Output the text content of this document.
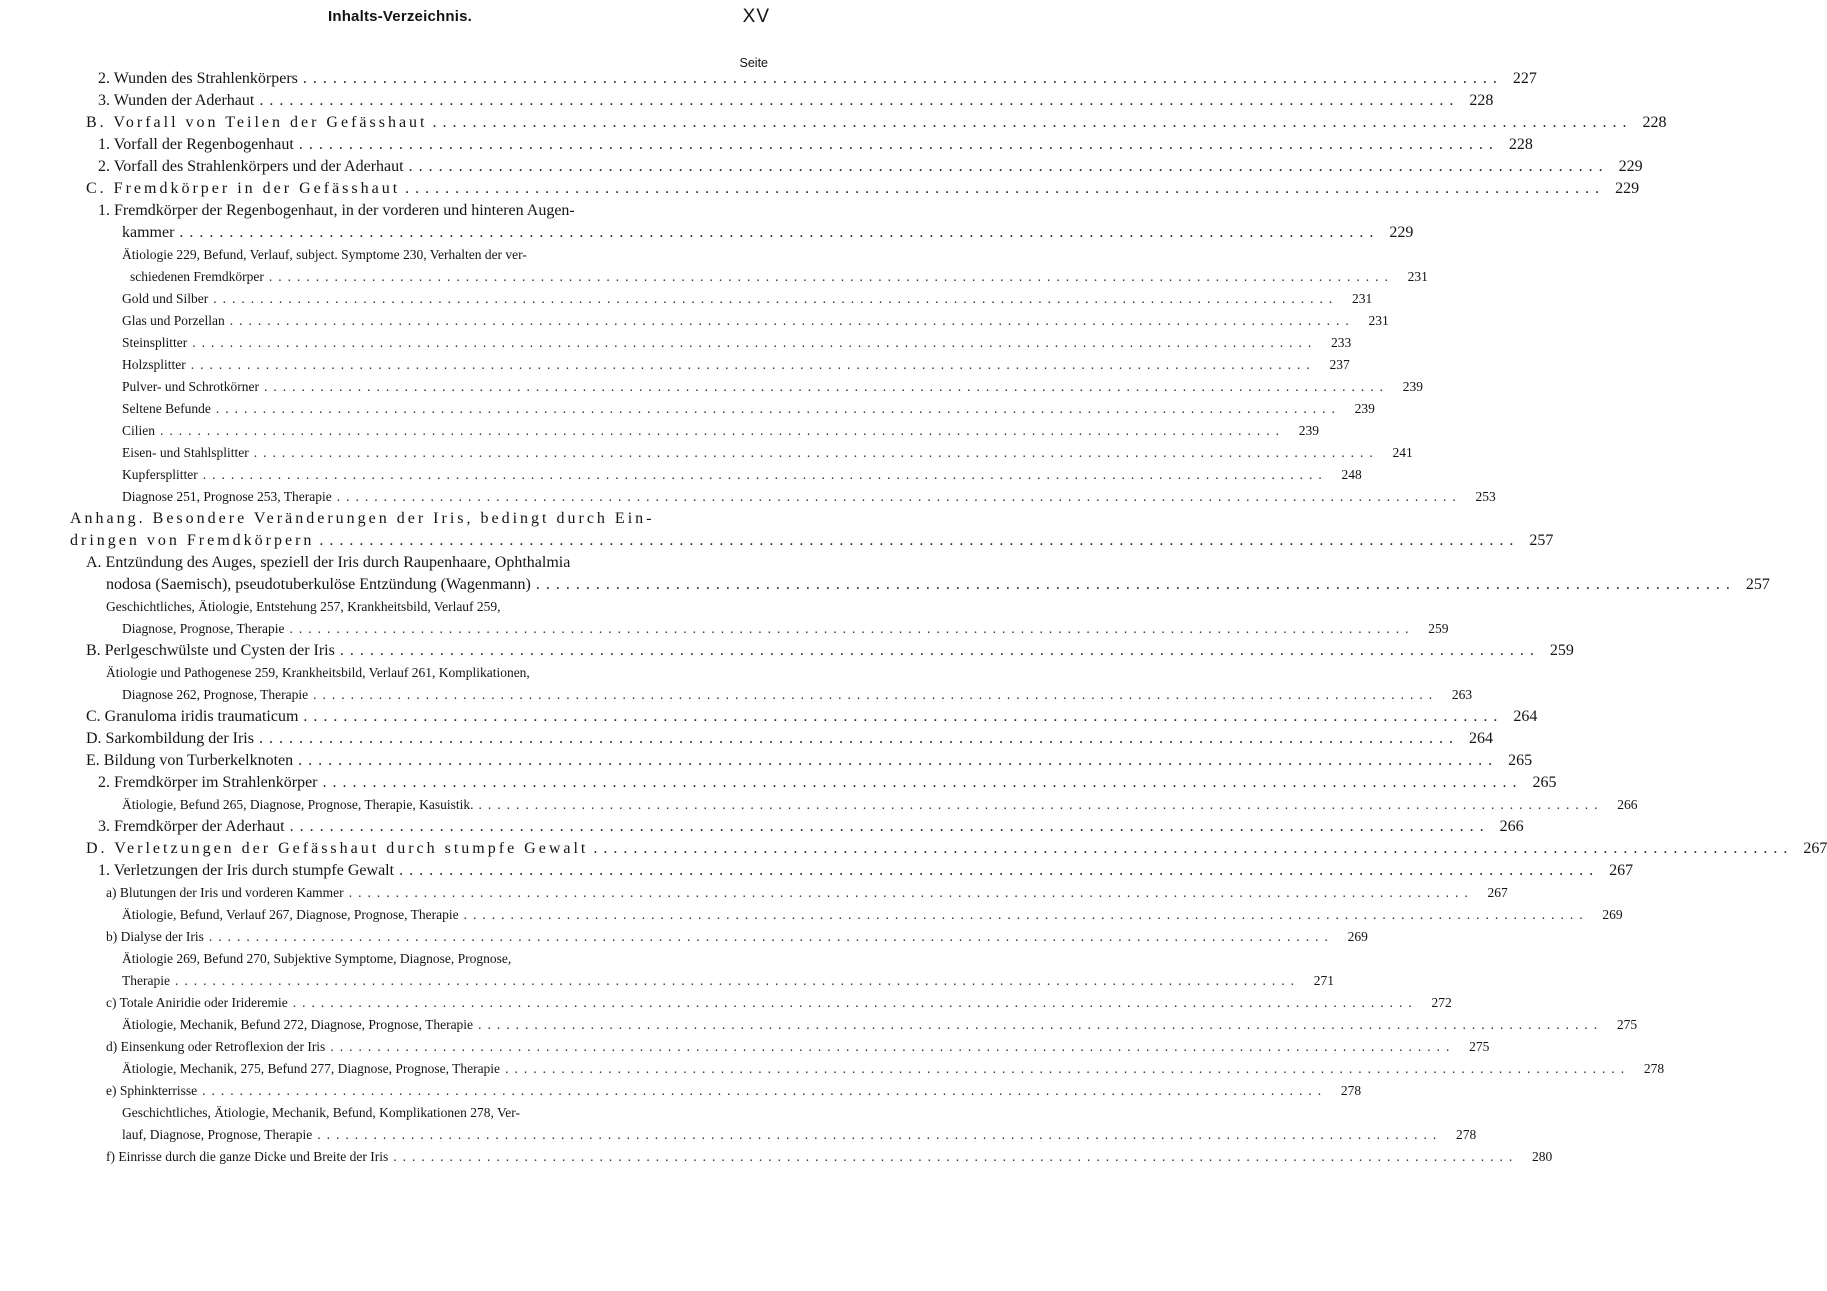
Inhalts-Verzeichnis.	XV
Seite
2. Wunden des Strahlenkörpers ........................................................................................................................ 227
3. Wunden der Aderhaut ........................................................................................................................ 228
B. Vorfall von Teilen der Gefässhaut ........................................................................................................................ 228
1. Vorfall der Regenbogenhaut ........................................................................................................................ 228
2. Vorfall des Strahlenkörpers und der Aderhaut ........................................................................................................................ 229
C. Fremdkörper in der Gefässhaut ........................................................................................................................ 229
1. Fremdkörper der Regenbogenhaut, in der vorderen und hinteren Augen-
kammer ........................................................................................................................ 229
Ätiologie 229, Befund, Verlauf, subject. Symptome 230, Verhalten der ver-
schiedenen Fremdkörper ........................................................................................................................	231
Gold und Silber ........................................................................................................................	231
Glas und Porzellan ........................................................................................................................	231
Steinsplitter ........................................................................................................................	233
Holzsplitter ........................................................................................................................	237
Pulver- und Schrotkörner ........................................................................................................................	239
Seltene Befunde ........................................................................................................................	239
Cilien ........................................................................................................................	239
Eisen- und Stahlsplitter ........................................................................................................................	241
Kupfersplitter ........................................................................................................................	248
Diagnose 251, Prognose 253, Therapie ........................................................................................................................	253
Anhang. Besondere Veränderungen der Iris, bedingt durch Ein-
dringen von Fremdkörpern ........................................................................................................................ 257
A. Entzündung des Auges, speziell der Iris durch Raupenhaare, Ophthalmia
nodosa (Saemisch), pseudotuberkulöse Entzündung (Wagenmann) ........................................................................................................................ 257
Geschichtliches, Ätiologie, Entstehung 257, Krankheitsbild, Verlauf 259,
Diagnose, Prognose, Therapie ........................................................................................................................	259
B. Perlgeschwülste und Cysten der Iris ........................................................................................................................ 259
Ätiologie und Pathogenese 259, Krankheitsbild, Verlauf 261, Komplikationen,
Diagnose 262, Prognose, Therapie ........................................................................................................................	263
C. Granuloma iridis traumaticum ........................................................................................................................ 264
D. Sarkombildung der Iris ........................................................................................................................ 264
E. Bildung von Turberkelknoten ........................................................................................................................ 265
2. Fremdkörper im Strahlenkörper ........................................................................................................................ 265
Ätiologie, Befund 265, Diagnose, Prognose, Therapie, Kasuistik. ........................................................................................................................	266
3. Fremdkörper der Aderhaut ........................................................................................................................ 266
D. Verletzungen der Gefässhaut durch stumpfe Gewalt ........................................................................................................................ 267
1. Verletzungen der Iris durch stumpfe Gewalt ........................................................................................................................ 267
a) Blutungen der Iris und vorderen Kammer ........................................................................................................................	267
Ätiologie, Befund, Verlauf 267, Diagnose, Prognose, Therapie ........................................................................................................................	269
b) Dialyse der Iris ........................................................................................................................	269
Ätiologie 269, Befund 270, Subjektive Symptome, Diagnose, Prognose,
Therapie ........................................................................................................................	271
c) Totale Aniridie oder Irideremie ........................................................................................................................	272
Ätiologie, Mechanik, Befund 272, Diagnose, Prognose, Therapie ........................................................................................................................	275
d) Einsenkung oder Retroflexion der Iris ........................................................................................................................	275
Ätiologie, Mechanik, 275, Befund 277, Diagnose, Prognose, Therapie ........................................................................................................................	278
e) Sphinkterrisse ........................................................................................................................	278
Geschichtliches, Ätiologie, Mechanik, Befund, Komplikationen 278, Ver-
lauf, Diagnose, Prognose, Therapie ........................................................................................................................	278
f) Einrisse durch die ganze Dicke und Breite der Iris ........................................................................................................................	280
